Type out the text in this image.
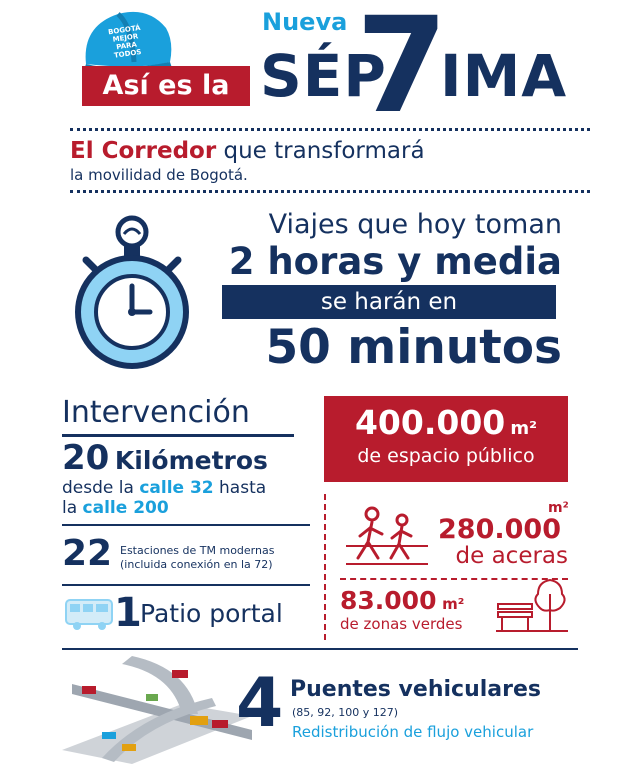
BOGOTÁ MEJOR PARA TODOS
Así es la
Nueva
SÉP
7
IMA
El Corredor que transformará
la movilidad de Bogotá.
Viajes que hoy toman
2 horas y media
se harán en
50 minutos
Intervención
20 Kilómetros
desde la calle 32 hasta
la calle 200
22 Estaciones de TM modernas
(incluida conexión en la 72)
1
Patio portal
400.000 m²
de espacio público
m²
280.000
de aceras
83.000 m²
de zonas verdes
4 Puentes vehiculares
(85, 92, 100 y 127)
Redistribución de flujo vehicular
